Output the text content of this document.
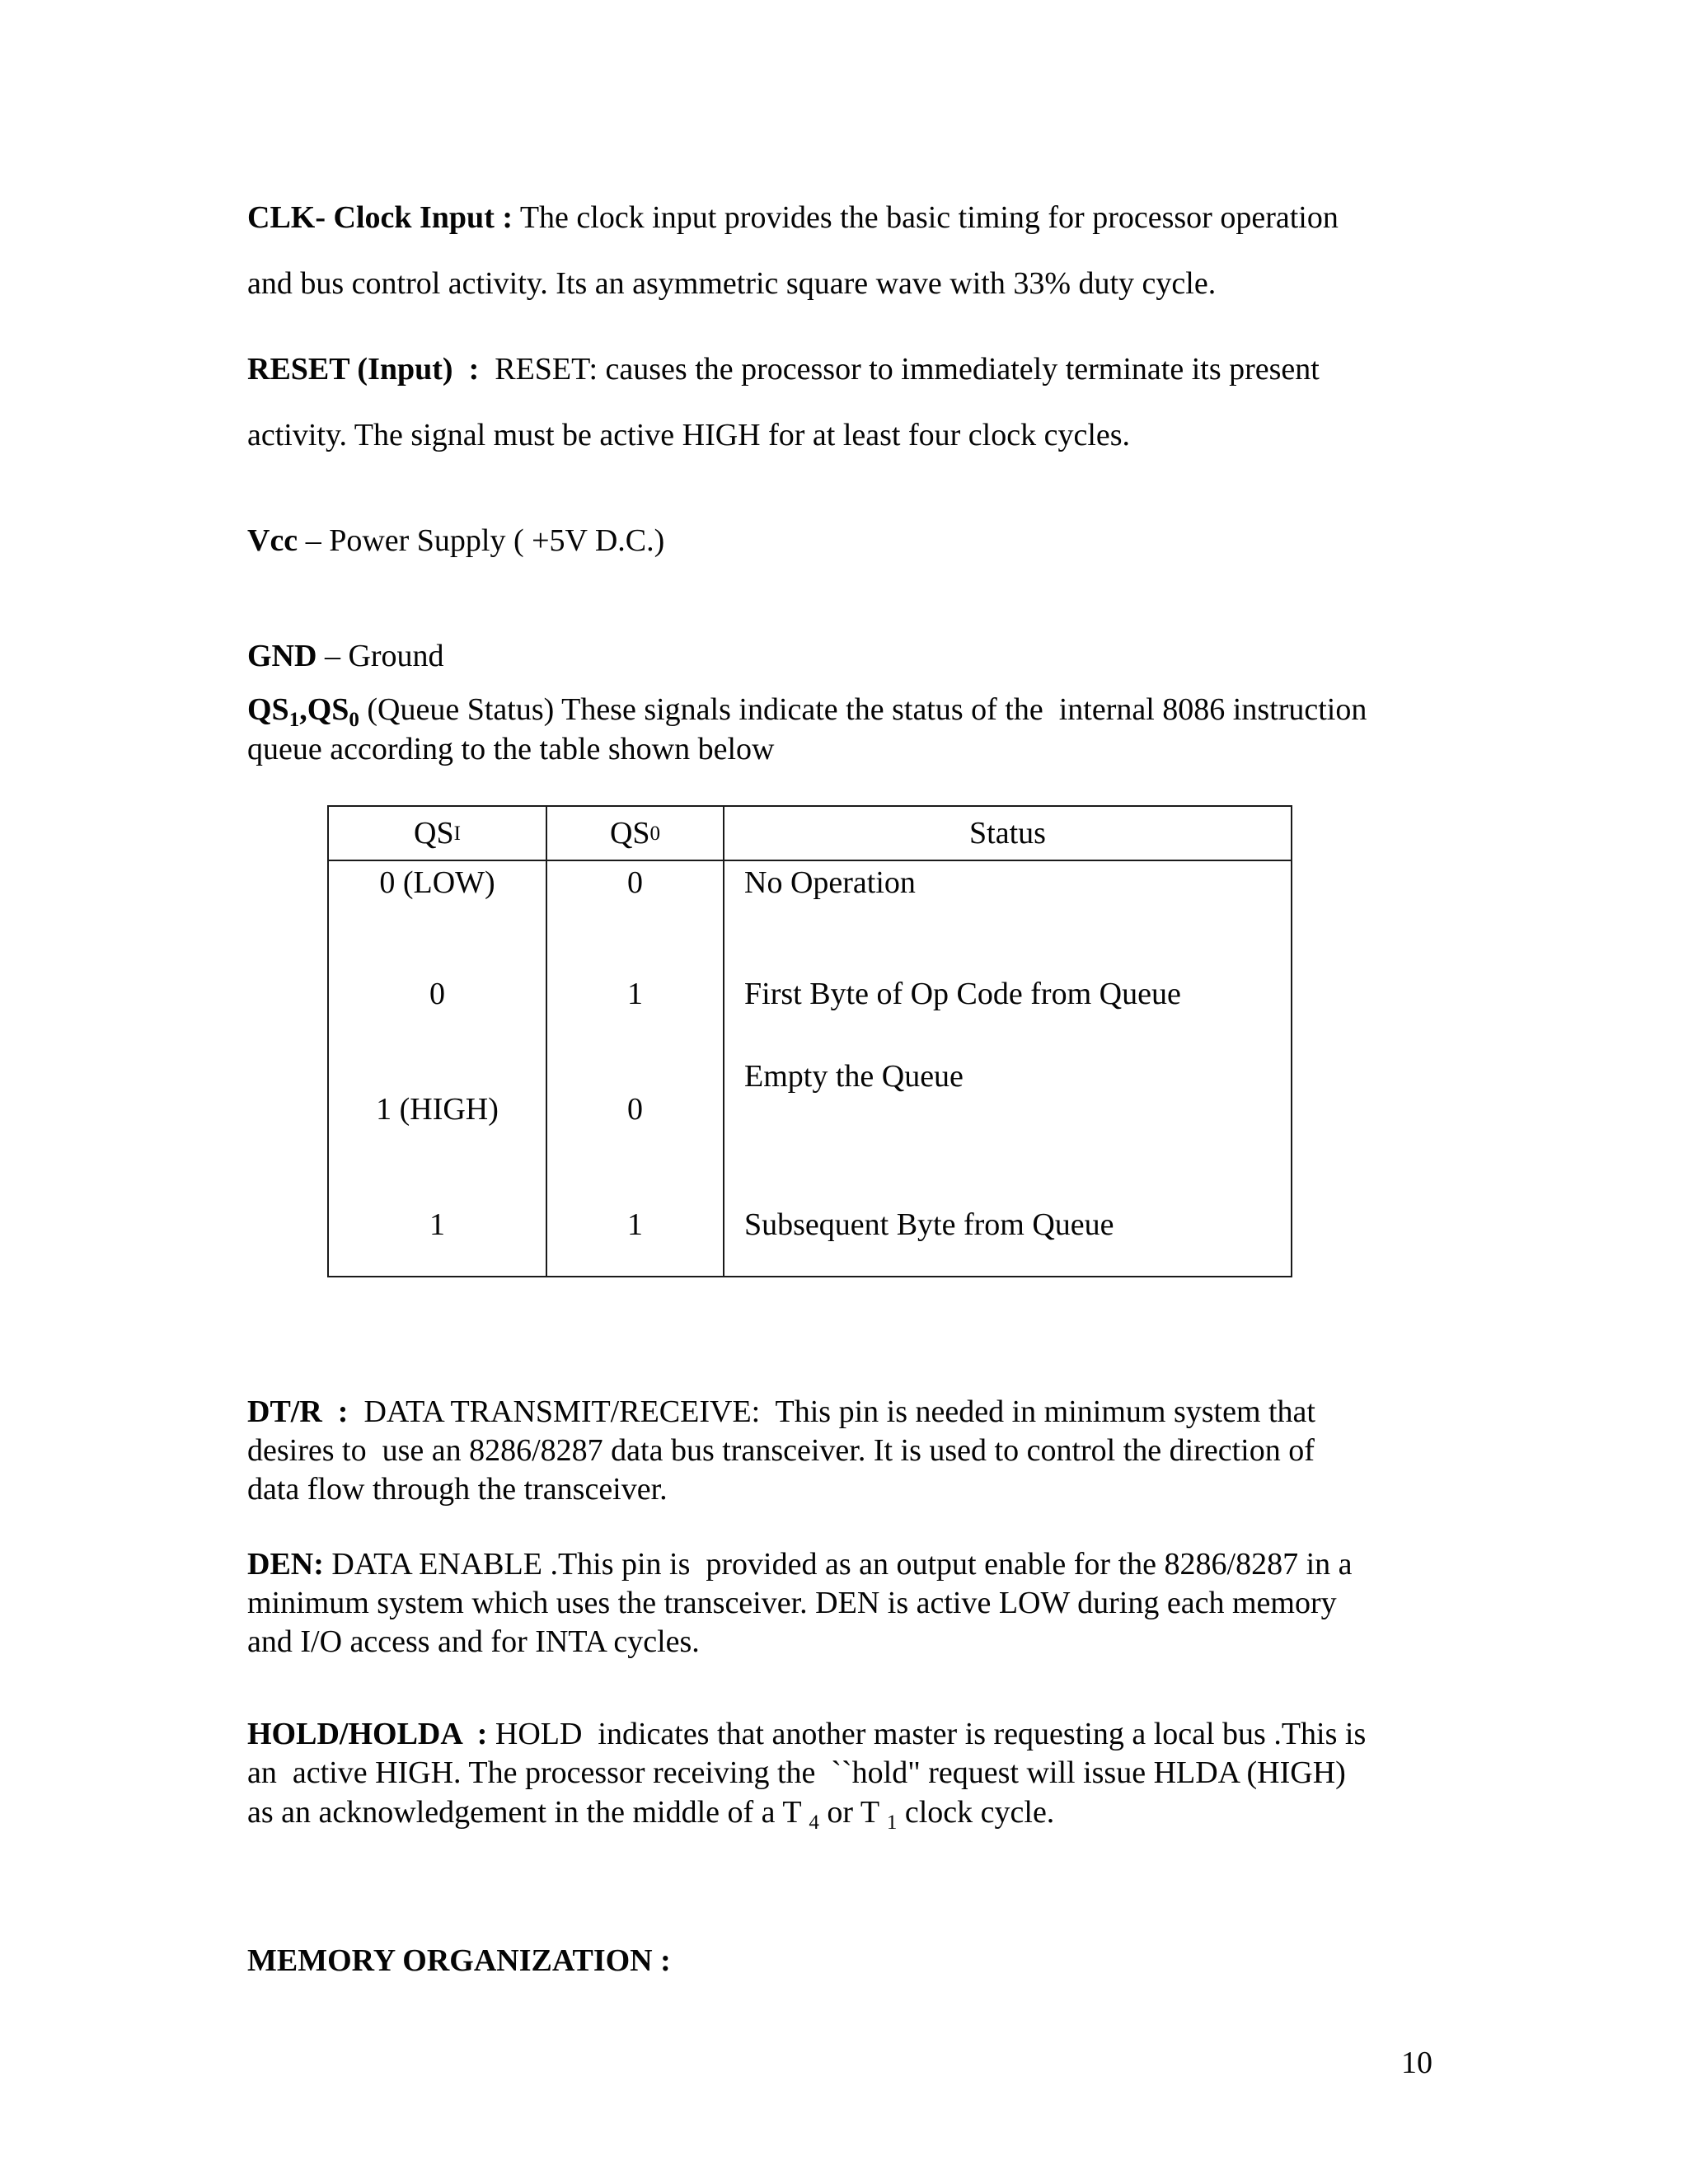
CLK- Clock Input : The clock input provides the basic timing for processor operation
and bus control activity. Its an asymmetric square wave with 33% duty cycle.
RESET (Input)  :  RESET: causes the processor to immediately terminate its present
activity. The signal must be active HIGH for at least four clock cycles.
Vcc – Power Supply ( +5V D.C.)
GND – Ground
$QS_1,QS_0$ (Queue Status) These signals indicate the status of the  internal 8086 instruction
queue according to the table shown below
QS I	QS 0	Status
0 (LOW)
0
1 (HIGH)
1
0
1
0
1
No Operation
First Byte of Op Code from Queue
Empty the Queue
Subsequent Byte from Queue
DT/R  :  DATA TRANSMIT/RECEIVE:  This pin is needed in minimum system that
desires to  use an 8286/8287 data bus transceiver. It is used to control the direction of
data flow through the transceiver.
DEN: DATA ENABLE .This pin is  provided as an output enable for the 8286/8287 in a
minimum system which uses the transceiver. DEN is active LOW during each memory
and I/O access and for INTA cycles.
HOLD/HOLDA  : HOLD  indicates that another master is requesting a local bus .This is
an  active HIGH. The processor receiving the  ``hold" request will issue HLDA (HIGH)
as an acknowledgement in the middle of a T $_4$ or T $_1$ clock cycle.
MEMORY ORGANIZATION :
10
